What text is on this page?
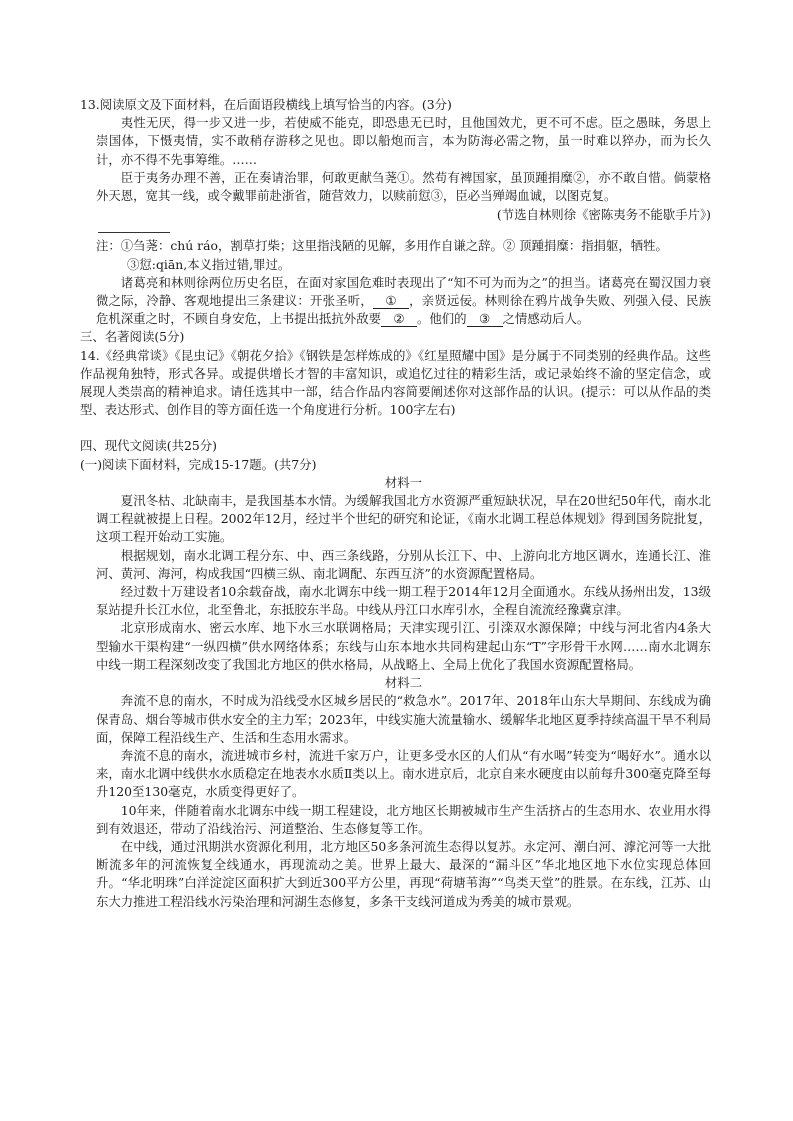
13.阅读原文及下面材料，在后面语段横线上填写恰当的内容。(3分)

夷性无厌，得一步又进一步，若使威不能克，即恐患无已时，且他国效尤，更不可不虑。臣之愚昧，务思上崇国体，下慑夷情，实不敢稍存游移之见也。即以船炮而言，本为防海必需之物，虽一时难以猝办，而为长久计，亦不得不先事筹维。……

臣于夷务办理不善，正在奏请治罪，何敢更献刍荛①。然苟有裨国家，虽顶踵捐糜②，亦不敢自惜。倘蒙格外天恩，宽其一线，或令戴罪前赴浙省，随营效力，以赎前愆③，臣必当殚竭血诚，以图克复。

(节选自林则徐《密陈夷务不能歇手片》)

注：①刍荛：chú ráo，割草打柴；这里指浅陋的见解，多用作自谦之辞。② 顶踵捐糜：指捐躯，牺牲。

③愆:qiān,本义指过错,罪过。

诸葛亮和林则徐两位历史名臣，在面对家国危难时表现出了“知不可为而为之”的担当。诸葛亮在蜀汉国力衰微之际，冷静、客观地提出三条建议：开张圣听， ① ，亲贤远佞。林则徐在鸦片战争失败、列强入侵、民族危机深重之时，不顾自身安危，上书提出抵抗外敌要 ② 。他们的 ③ 之情感动后人。

三、名著阅读(5分)

14.《经典常谈》《昆虫记》《朝花夕拾》《钢铁是怎样炼成的》《红星照耀中国》是分属于不同类别的经典作品。这些作品视角独特，形式各异。或提供增长才智的丰富知识，或追忆过往的精彩生活，或记录始终不渝的坚定信念，或展现人类崇高的精神追求。请任选其中一部，结合作品内容简要阐述你对这部作品的认识。(提示：可以从作品的类型、表达形式、创作目的等方面任选一个角度进行分析。100字左右)

四、现代文阅读(共25分)

(一)阅读下面材料，完成15-17题。(共7分)

材料一

夏汛冬枯、北缺南丰，是我国基本水情。为缓解我国北方水资源严重短缺状况，早在20世纪50年代，南水北调工程就被提上日程。2002年12月，经过半个世纪的研究和论证，《南水北调工程总体规划》得到国务院批复，这项工程开始动工实施。

根据规划，南水北调工程分东、中、西三条线路，分别从长江下、中、上游向北方地区调水，连通长江、淮河、黄河、海河，构成我国“四横三纵、南北调配、东西互济”的水资源配置格局。

经过数十万建设者10余载奋战，南水北调东中线一期工程于2014年12月全面通水。东线从扬州出发，13级泵站提升长江水位，北至鲁北，东抵胶东半岛。中线从丹江口水库引水，全程自流流经豫冀京津。

北京形成南水、密云水库、地下水三水联调格局；天津实现引江、引滦双水源保障；中线与河北省内4条大型输水干渠构建“一纵四横”供水网络体系；东线与山东本地水共同构建起山东“T”字形骨干水网……南水北调东中线一期工程深刻改变了我国北方地区的供水格局，从战略上、全局上优化了我国水资源配置格局。

材料二

奔流不息的南水，不时成为沿线受水区城乡居民的“救急水”。2017年、2018年山东大旱期间、东线成为确保青岛、烟台等城市供水安全的主力军；2023年，中线实施大流量输水、缓解华北地区夏季持续高温干旱不利局面，保障工程沿线生产、生活和生态用水需求。

奔流不息的南水，流进城市乡村，流进千家万户，让更多受水区的人们从“有水喝”转变为“喝好水”。通水以来，南水北调中线供水水质稳定在地表水水质Ⅱ类以上。南水进京后，北京自来水硬度由以前每升300毫克降至每升120至130毫克，水质变得更好了。

10年来，伴随着南水北调东中线一期工程建设，北方地区长期被城市生产生活挤占的生态用水、农业用水得到有效退还，带动了沿线治污、河道整治、生态修复等工作。

在中线，通过汛期洪水资源化利用，北方地区50多条河流生态得以复苏。永定河、潮白河、滹沱河等一大批断流多年的河流恢复全线通水，再现流动之美。世界上最大、最深的“漏斗区”华北地区地下水位实现总体回升。“华北明珠”白洋淀淀区面积扩大到近300平方公里，再现“荷塘苇海”“鸟类天堂”的胜景。在东线，江苏、山东大力推进工程沿线水污染治理和河湖生态修复，多条干支线河道成为秀美的城市景观。
